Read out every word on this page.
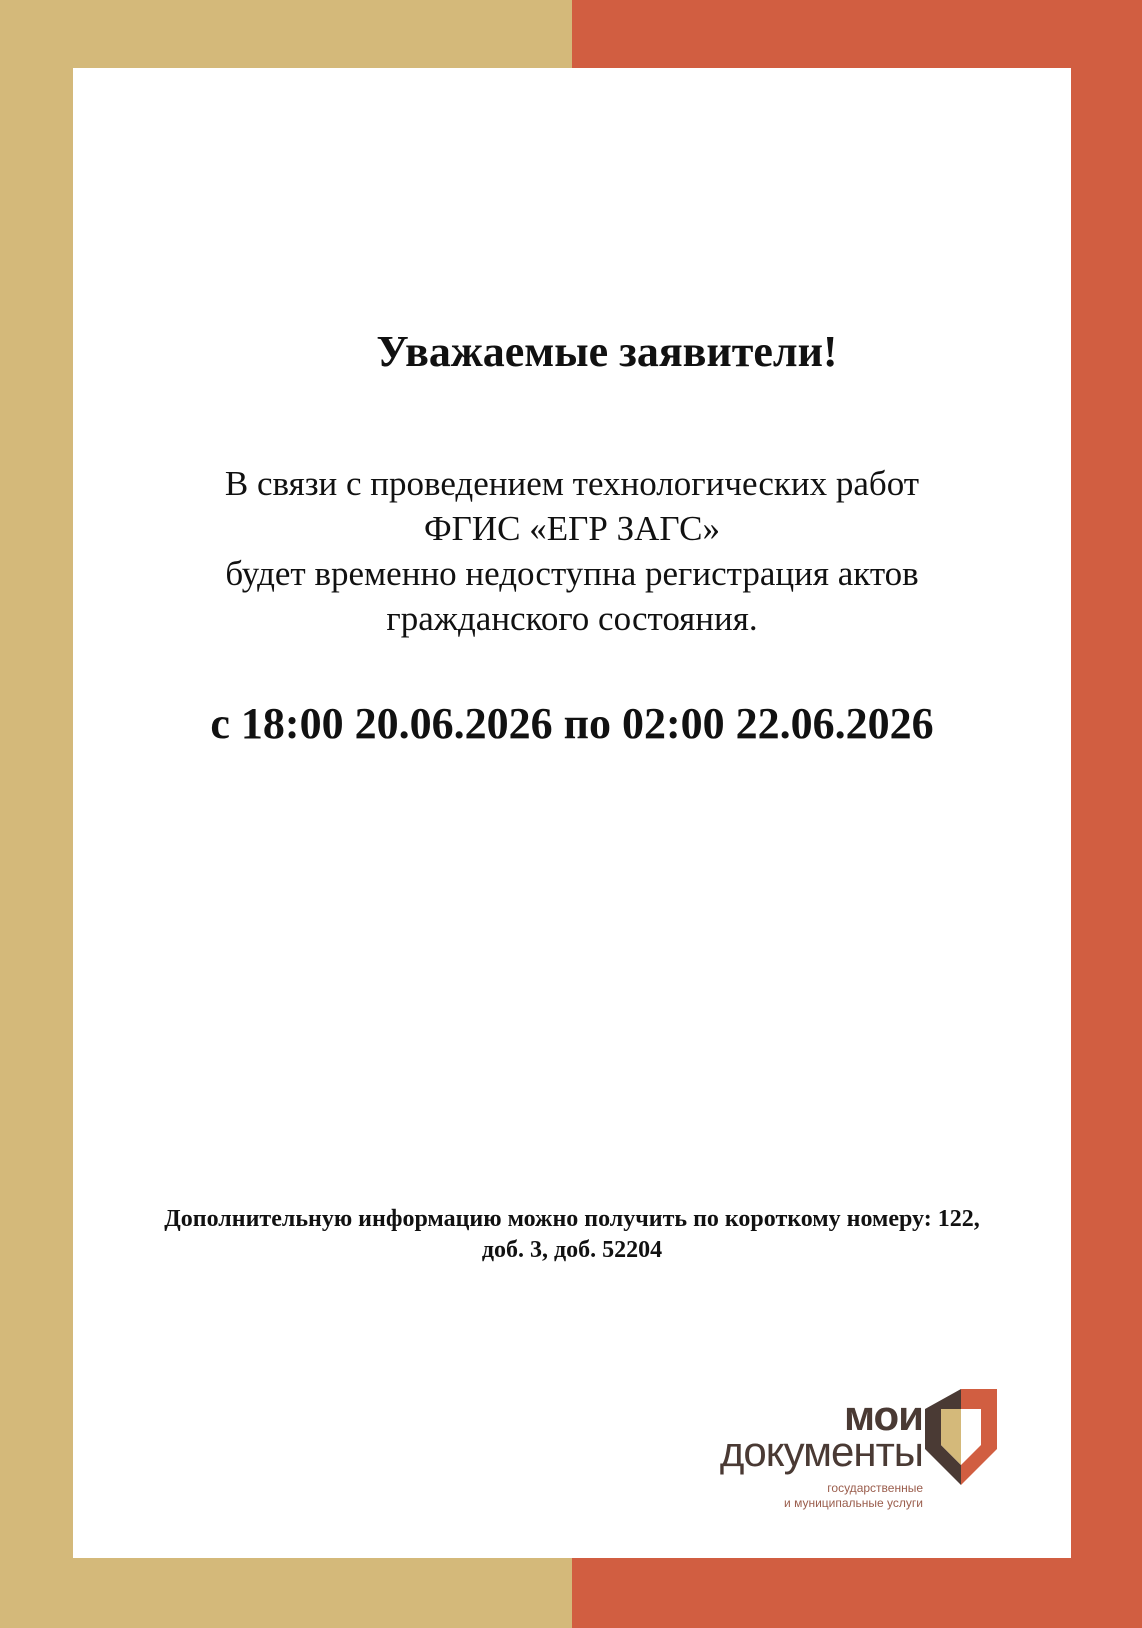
Уважаемые заявители!
В связи с проведением технологических работ
ФГИС «ЕГР ЗАГС»
будет временно недоступна регистрация актов
гражданского состояния.
с 18:00 20.06.2026 по 02:00 22.06.2026
Дополнительную информацию можно получить по короткому номеру: 122,
доб. 3, доб. 52204
мои
документы
государственные
и муниципальные услуги
